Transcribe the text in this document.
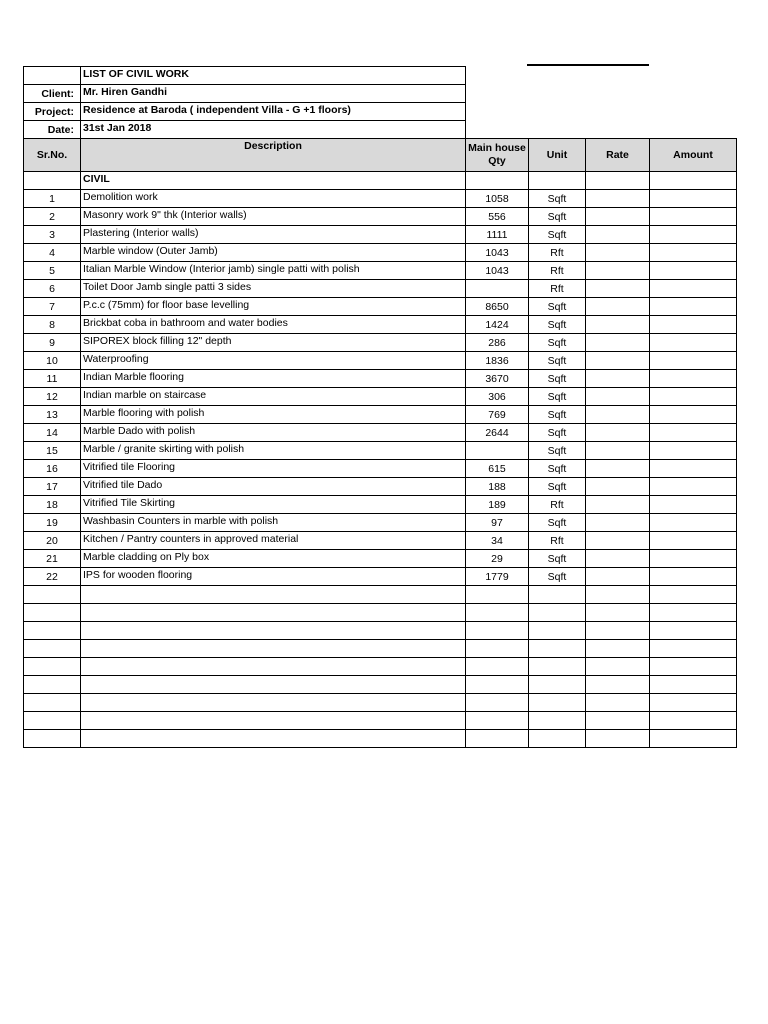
	LIST OF CIVIL WORK				
Client:	Mr. Hiren Gandhi				
Project:	Residence at Baroda ( independent Villa - G +1 floors)				
Date:	31st Jan 2018				
Sr.No.	Description	Main house Qty	Unit	Rate	Amount
	CIVIL				
1	Demolition work	1058	Sqft		
2	Masonry work 9" thk (Interior walls)	556	Sqft		
3	Plastering (Interior walls)	1111	Sqft		
4	Marble window (Outer Jamb)	1043	Rft		
5	Italian Marble Window (Interior jamb) single patti with polish	1043	Rft		
6	Toilet Door Jamb single patti 3 sides		Rft		
7	P.c.c (75mm) for floor base levelling	8650	Sqft		
8	Brickbat coba in bathroom and water bodies	1424	Sqft		
9	SIPOREX block filling 12" depth	286	Sqft		
10	Waterproofing	1836	Sqft		
11	Indian Marble flooring	3670	Sqft		
12	Indian marble on staircase	306	Sqft		
13	Marble flooring with polish	769	Sqft		
14	Marble Dado with polish	2644	Sqft		
15	Marble / granite skirting with polish		Sqft		
16	Vitrified tile Flooring	615	Sqft		
17	Vitrified tile Dado	188	Sqft		
18	Vitrified Tile Skirting	189	Rft		
19	Washbasin Counters in marble with polish	97	Sqft		
20	Kitchen / Pantry counters in approved material	34	Rft		
21	Marble cladding on Ply box	29	Sqft		
22	IPS for wooden flooring	1779	Sqft		
